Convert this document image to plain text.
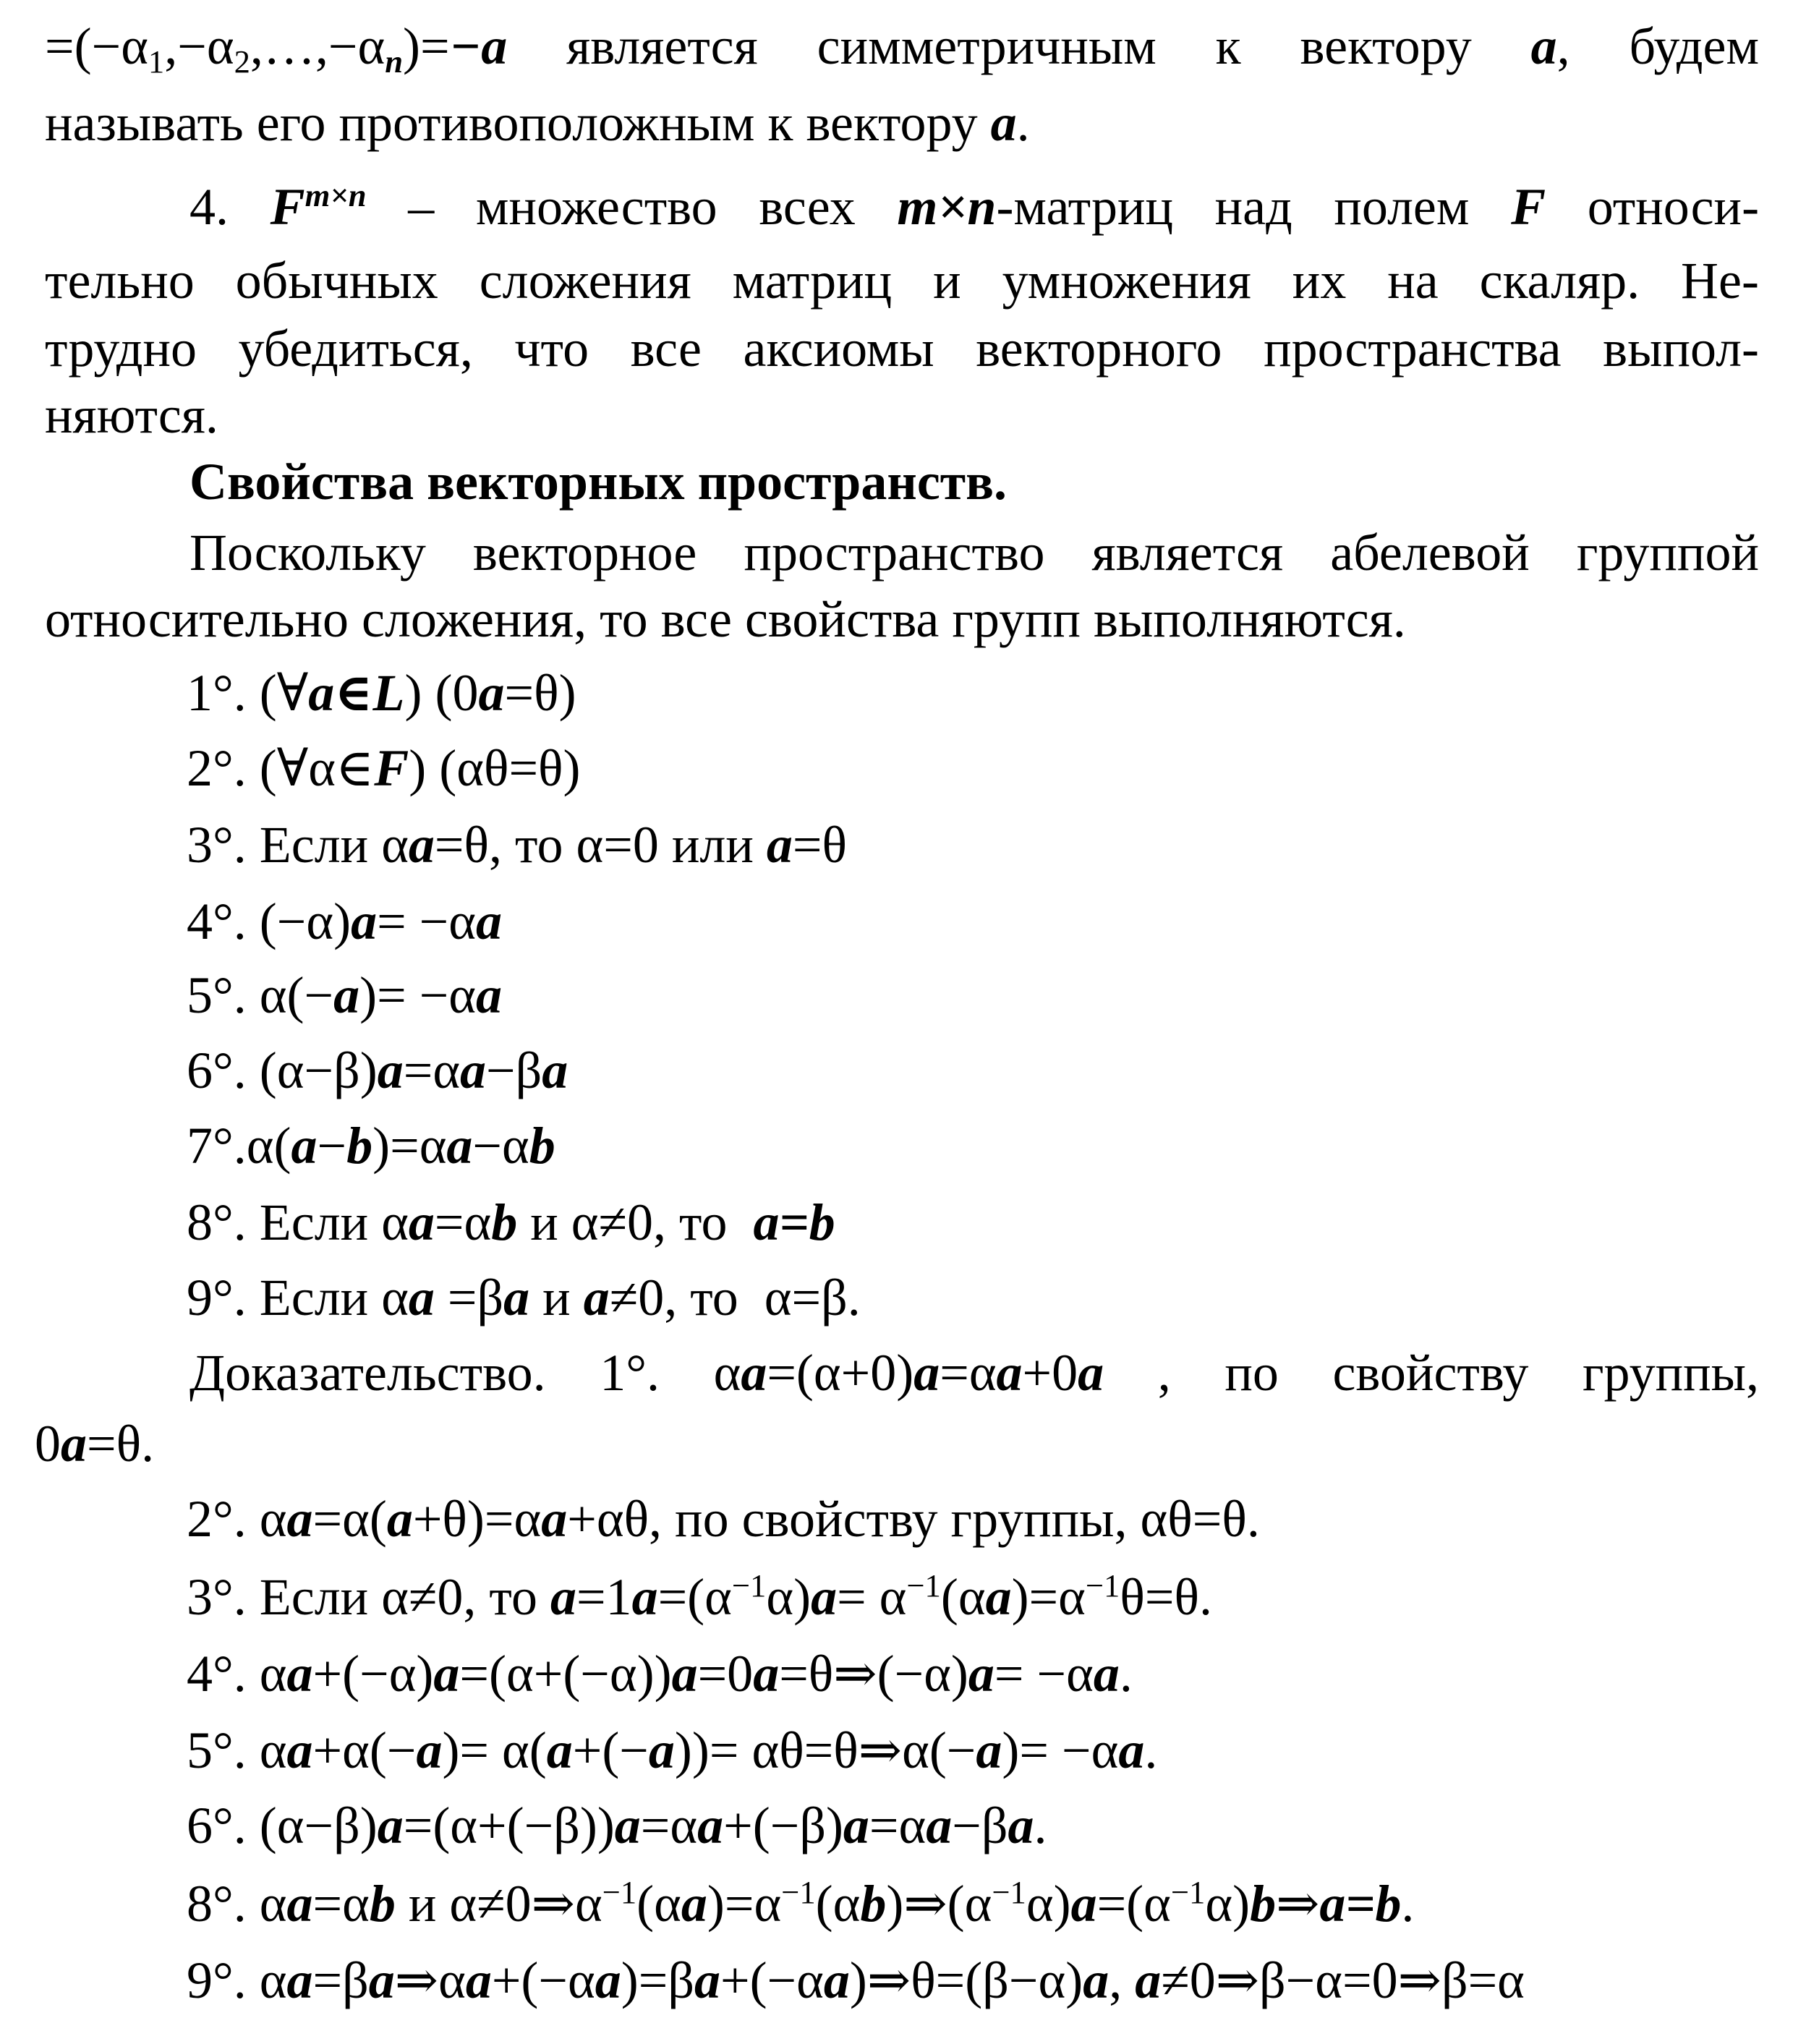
$=(-\alpha_1,-\alpha_2,\dots,-\alpha_n)=-a$ является симметричным к вектору a, будем
называть его противоположным к вектору a.
4. $F^{m\times n}$ – множество всех m×n-матриц над полем F относи-
тельно обычных сложения матриц и умножения их на скаляр. Не-
трудно убедиться, что все аксиомы векторного пространства выпол-
няются.
Свойства векторных пространств.
Поскольку векторное пространство является абелевой группой
относительно сложения, то все свойства групп выполняются.
1°. (∀a∈L) (0a=θ)
2°. (∀α∈F) (αθ=θ)
3°. Если αa=θ, то α=0 или a=θ
4°. (−α)a= −αa
5°. α(−a)= −αa
6°. (α−β)a=αa−βa
7°.α(a−b)=αa−αb
8°. Если αa=αb и α≠0, то  a=b
9°. Если αa =βa и a≠0, то  α=β.
Доказательство. 1°. αa=(α+0)a=αa+0a , по свойству группы,
0a=θ.
2°. αa=α(a+θ)=αa+αθ, по свойству группы, αθ=θ.
3°. Если α≠0, то $a=1a=(\alpha^{-1}\alpha)a= \alpha^{-1}(\alpha a)=\alpha^{-1}\theta=\theta$.
4°. αa+(−α)a=(α+(−α))a=0a=θ⇒(−α)a= −αa.
5°. αa+α(−a)= α(a+(−a))= αθ=θ⇒α(−a)= −αa.
6°. (α−β)a=(α+(−β))a=αa+(−β)a=αa−βa.
8°. αa=αb и $\alpha\ne 0\Rightarrow\alpha^{-1}(\alpha a)=\alpha^{-1}(\alpha b)\Rightarrow(\alpha^{-1}\alpha)a=(\alpha^{-1}\alpha)b\Rightarrow a=b$.
9°. αa=βa⇒αa+(−αa)=βa+(−αa)⇒θ=(β−α)a, a≠0⇒β−α=0⇒β=α
